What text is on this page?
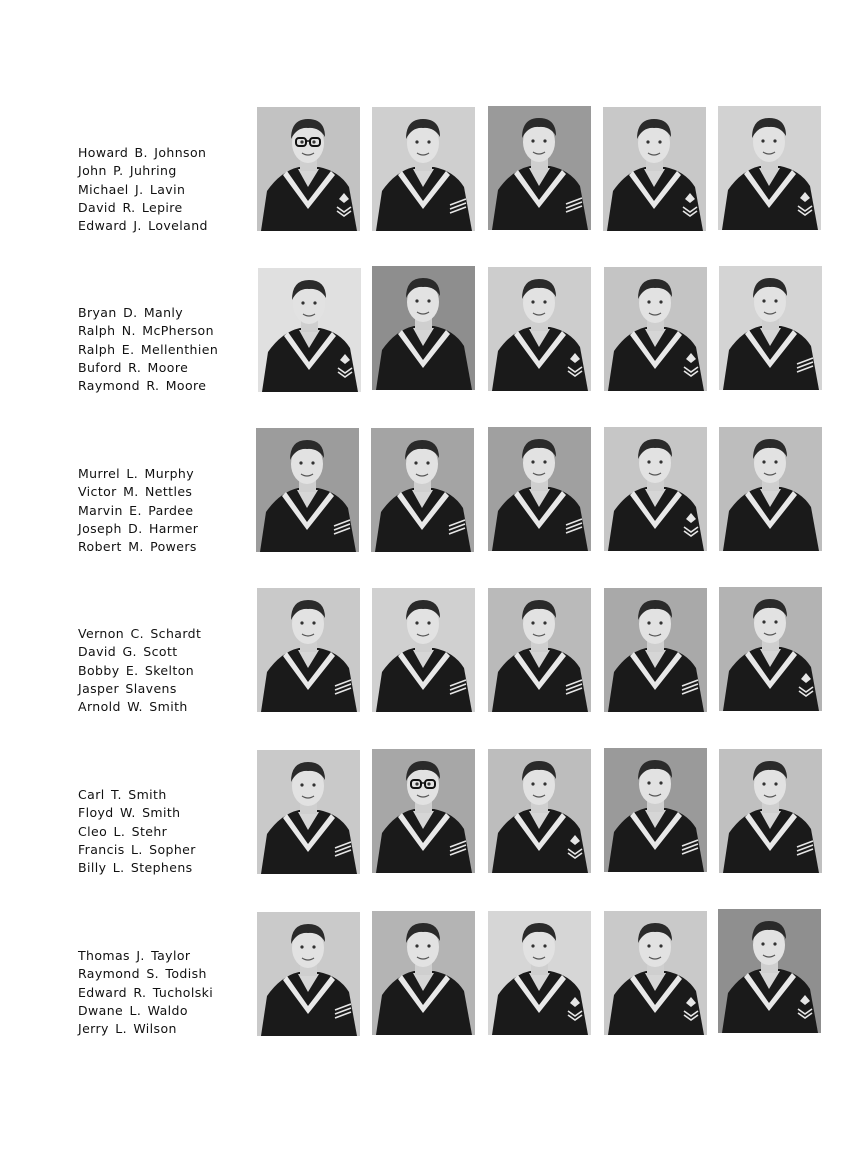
Howard B. Johnson
John P. Juhring
Michael J. Lavin
David R. Lepire
Edward J. Loveland
Bryan D. Manly
Ralph N. McPherson
Ralph E. Mellenthien
Buford R. Moore
Raymond R. Moore
Murrel L. Murphy
Victor M. Nettles
Marvin E. Pardee
Joseph D. Harmer
Robert M. Powers
Vernon C. Schardt
David G. Scott
Bobby E. Skelton
Jasper Slavens
Arnold W. Smith
Carl T. Smith
Floyd W. Smith
Cleo L. Stehr
Francis L. Sopher
Billy L. Stephens
Thomas J. Taylor
Raymond S. Todish
Edward R. Tucholski
Dwane L. Waldo
Jerry L. Wilson
